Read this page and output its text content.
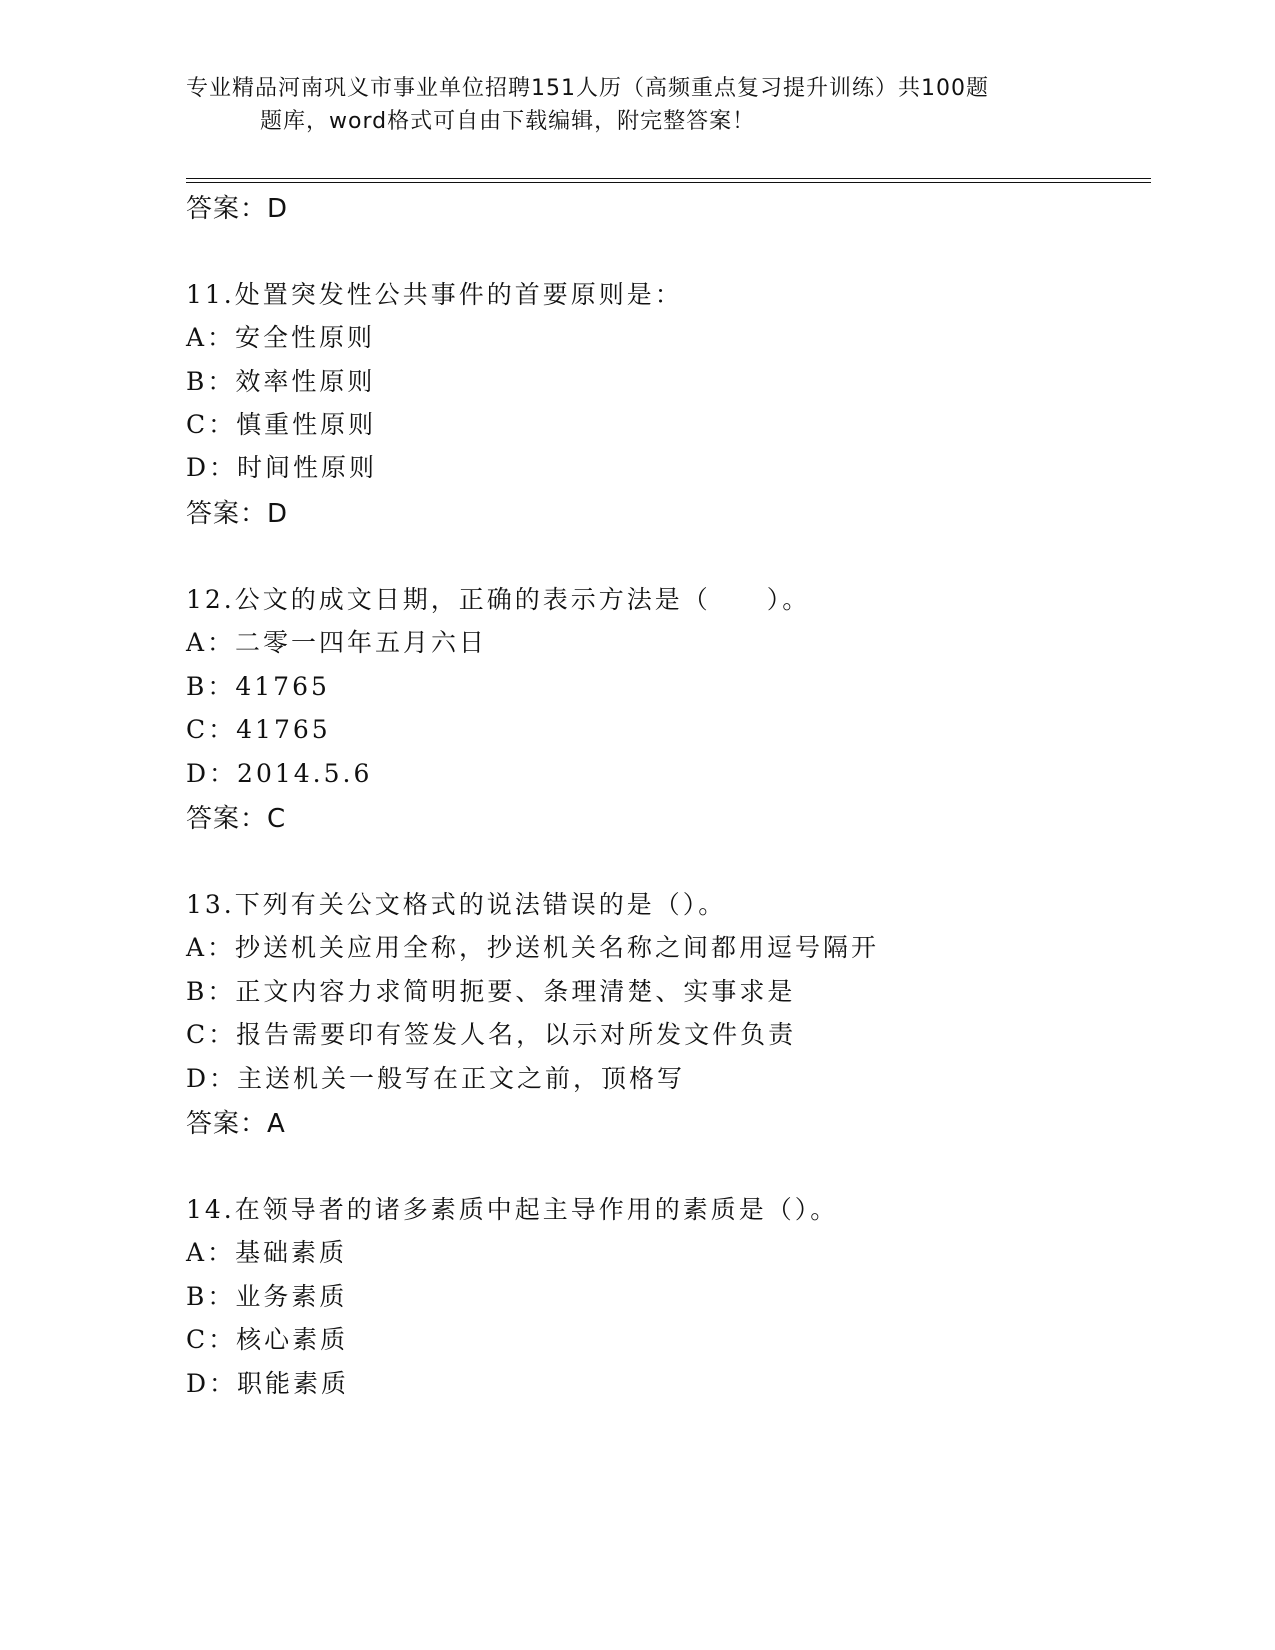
专业精品河南巩义市事业单位招聘151人历（高频重点复习提升训练）共100题
题库，word格式可自由下载编辑，附完整答案！
答案：D
11.处置突发性公共事件的首要原则是：
A：安全性原则
B：效率性原则
C：慎重性原则
D：时间性原则
答案：D
12.公文的成文日期，正确的表示方法是（　　）。
A：二零一四年五月六日
B：41765
C：41765
D：2014.5.6
答案：C
13.下列有关公文格式的说法错误的是（）。
A：抄送机关应用全称，抄送机关名称之间都用逗号隔开
B：正文内容力求简明扼要、条理清楚、实事求是
C：报告需要印有签发人名，以示对所发文件负责
D：主送机关一般写在正文之前，顶格写
答案：A
14.在领导者的诸多素质中起主导作用的素质是（）。
A：基础素质
B：业务素质
C：核心素质
D：职能素质
